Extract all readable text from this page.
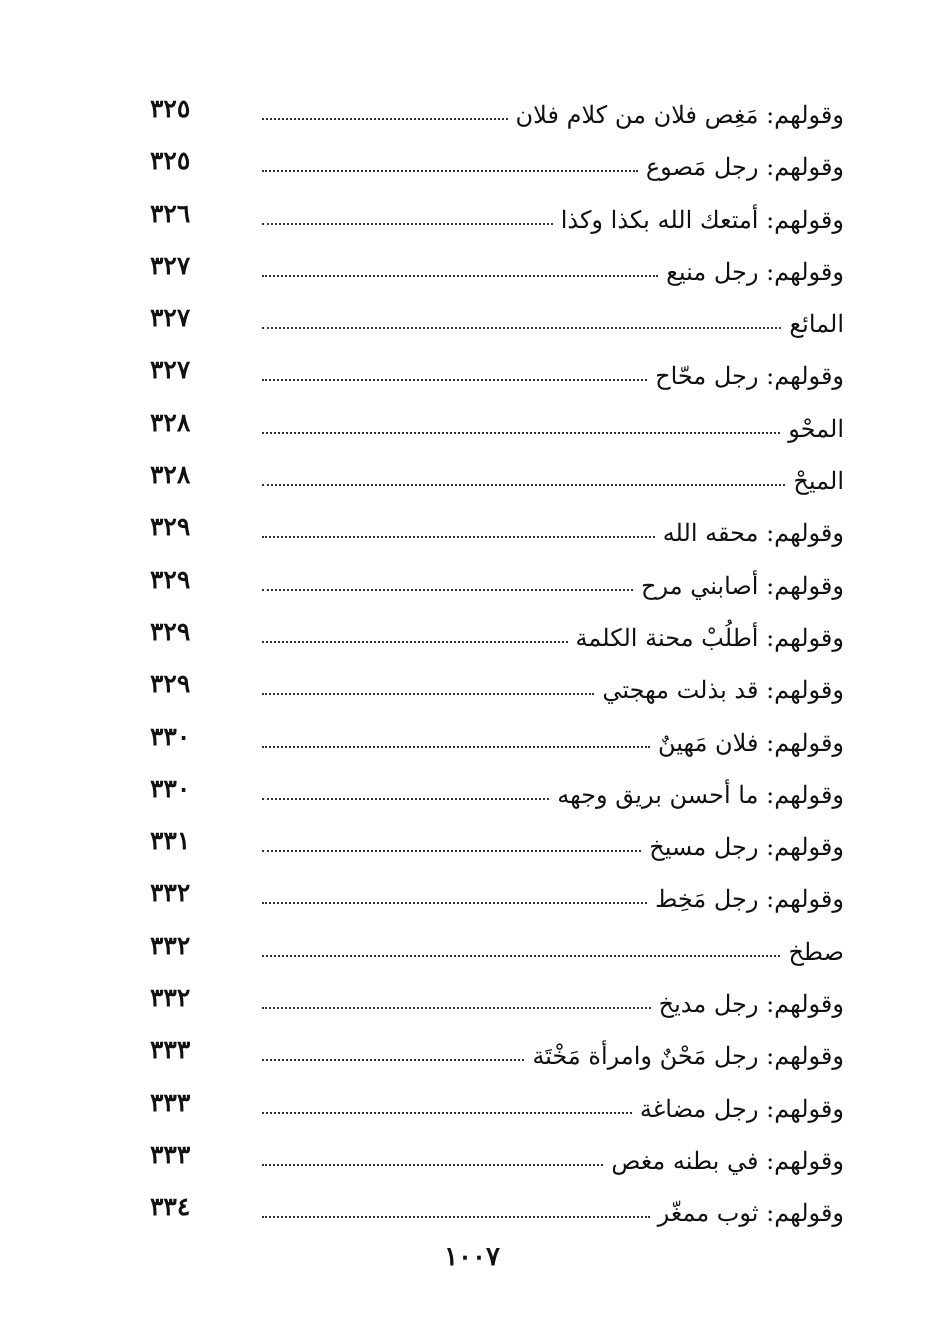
٣٢٥	وقولهم: مَغِص فلان من كلام فلان
٣٢٥	وقولهم: رجل مَصوع
٣٢٦	وقولهم: أمتعك الله بكذا وكذا
٣٢٧	وقولهم: رجل منيع
٣٢٧	المائع
٣٢٧	وقولهم: رجل محّاح
٣٢٨	المحْو
٣٢٨	الميحْ
٣٢٩	وقولهم: محقه الله
٣٢٩	وقولهم: أصابني مرح
٣٢٩	وقولهم: أطلُبْ محنة الكلمة
٣٢٩	وقولهم: قد بذلت مهجتي
٣٣٠	وقولهم: فلان مَهينٌ
٣٣٠	وقولهم: ما أحسن بريق وجهه
٣٣١	وقولهم: رجل مسيخ
٣٣٢	وقولهم: رجل مَخِط
٣٣٢	صطخ
٣٣٢	وقولهم: رجل مديخ
٣٣٣	وقولهم: رجل مَحْنٌ وامرأة مَخْتَة
٣٣٣	وقولهم: رجل مضاغة
٣٣٣	وقولهم: في بطنه مغص
٣٣٤	وقولهم: ثوب ممغّر
١٠٠٧
